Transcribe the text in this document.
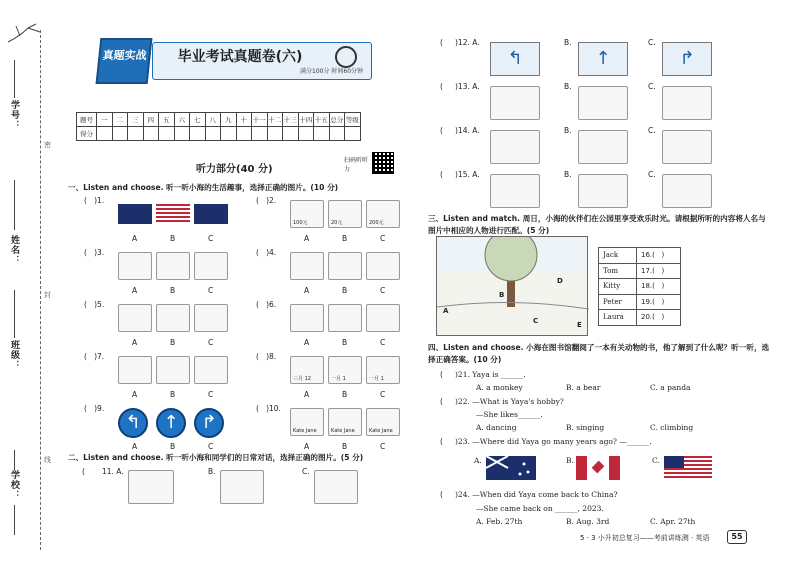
学校：
班级：
姓名：
学号：
密
封
线
真题实战	毕业考试真题卷(六)
满分100分 时间60分钟
题号	一	二	三	四	五	六	七	八	九	十	十一	十二	十三	十四	十五	总分	等级
得分																	
听力部分(40 分)
扫码听听力
一、Listen and choose. 听一听小海的生活趣事，选择正确的图片。(10 分)
(   )1.
A	B	C
(   )2.
100元
A
20元
B
200元
C
(   )3.
A	B	C
(   )4.
A	B	C
(   )5.
A	B	C
(   )6.
A	B	C
(   )7.
A	B	C
(   )8.
三月 12
A
一月 1
B
一月 1
C
(   )9.
↰
A
↑
B
↱
C
(   )10.
Kate Jane
A
Kate Jane
B
Kate Jane
C
二、Listen and choose. 听一听小海和同学们的日常对话，选择正确的图片。(5 分)
( 11. A.	B.	C.
( )12. A.
↰
B.
↑
C.
↱
( )13. A.	B.	C.
( )14. A.	B.	C.
( )15. A.	B.	C.
三、Listen and match. 周日，小海的伙伴们在公园里享受欢乐时光。请根据所听的内容将人名与图片中相应的人物进行匹配。(5 分)
A
B
C
D
E
Jack	16.(   )
Tom	17.(   )
Kitty	18.(   )
Peter	19.(   )
Laura	20.(   )
四、Listen and choose. 小海在图书馆翻阅了一本有关动物的书，他了解到了什么呢？听一听，选择正确答案。(10 分)
( )21. Yaya is ______.
A. a monkey	B. a bear	C. a panda
( )22. —What is Yaya's hobby?
—She likes______.
A. dancing	B. singing	C. climbing
( )23. —Where did Yaya go many years ago? —______.
A.	B.	C.
( )24. —When did Yaya come back to China?
—She came back on ______, 2023.
A. Feb. 27th	B. Aug. 3rd	C. Apr. 27th
5 · 3 小升初总复习——考前讲练测 · 英语	55
